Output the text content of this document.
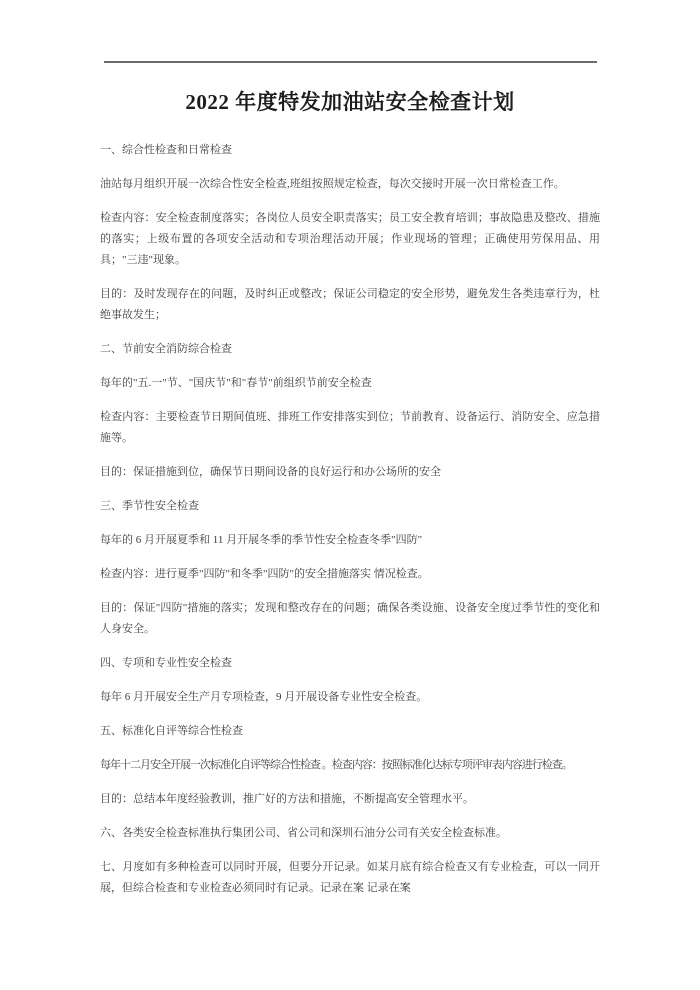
2022 年度特发加油站安全检查计划

一、综合性检查和日常检查

油站每月组织开展一次综合性安全检查,班组按照规定检查，每次交接时开展一次日常检查工作。

检查内容：安全检查制度落实；各岗位人员安全职责落实；员工安全教育培训；事故隐患及整改、措施的落实；上级布置的各项安全活动和专项治理活动开展；作业现场的管理；正确使用劳保用品、用具；"三违"现象。

目的：及时发现存在的问题，及时纠正或整改；保证公司稳定的安全形势，避免发生各类违章行为，杜绝事故发生；

二、节前安全消防综合检查

每年的"五.一"节、"国庆节"和"春节"前组织节前安全检查

检查内容：主要检查节日期间值班、排班工作安排落实到位；节前教育、设备运行、消防安全、应急措施等。

目的：保证措施到位，确保节日期间设备的良好运行和办公场所的安全

三、季节性安全检查

每年的 6 月开展夏季和 11 月开展冬季的季节性安全检查冬季"四防"

检查内容：进行夏季"四防"和冬季"四防"的安全措施落实 情况检查。

目的：保证"四防"措施的落实；发现和整改存在的问题；确保各类设施、设备安全度过季节性的变化和人身安全。

四、专项和专业性安全检查

每年 6 月开展安全生产月专项检查，9 月开展设备专业性安全检查。

五、标准化自评等综合性检查

每年十二月安全开展一次标准化自评等综合性检查 。检查内容：按照标准化达标专项评审表内容进行检查。

目的：总结本年度经验教训，推广好的方法和措施，不断提高安全管理水平。

六、各类安全检查标准执行集团公司、省公司和深圳石油分公司有关安全检查标准。

七、月度如有多种检查可以同时开展，但要分开记录。如某月底有综合检查又有专业检查，可以一同开展，但综合检查和专业检查必须同时有记录。记录在案 记录在案
